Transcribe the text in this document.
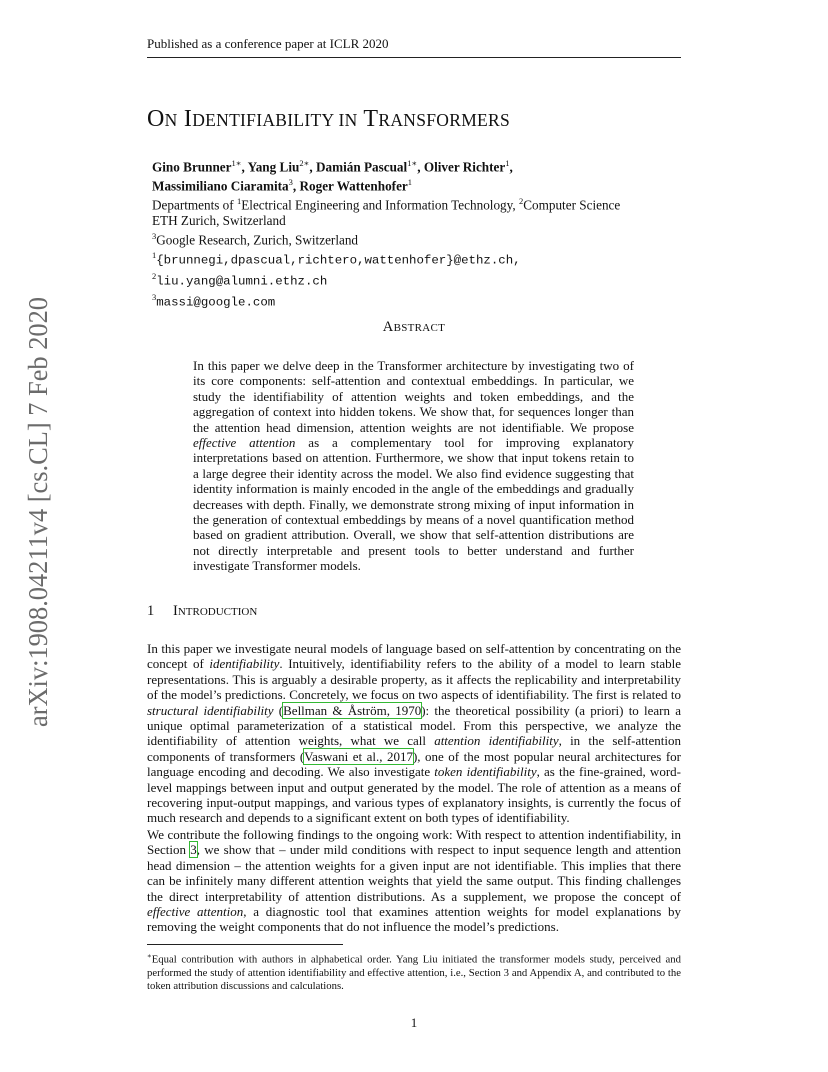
Published as a conference paper at ICLR 2020
arXiv:1908.04211v4 [cs.CL] 7 Feb 2020
ON IDENTIFIABILITY IN TRANSFORMERS
Gino Brunner$^{1∗}$, Yang Liu$^{2∗}$, Damián Pascual$^{1∗}$, Oliver Richter$^1$,
Massimiliano Ciaramita$^3$, Roger Wattenhofer$^1$
Departments of $^1$Electrical Engineering and Information Technology, $^2$Computer Science
ETH Zurich, Switzerland
$^3$Google Research, Zurich, Switzerland
$^1${brunnegi,dpascual,richtero,wattenhofer}@ethz.ch,
$^2$liu.yang@alumni.ethz.ch
$^3$massi@google.com
ABSTRACT
In this paper we delve deep in the Transformer architecture by investigating two of its core components: self-attention and contextual embeddings. In particular, we study the identifiability of attention weights and token embeddings, and the aggregation of context into hidden tokens. We show that, for sequences longer than the attention head dimension, attention weights are not identifiable. We propose effective attention as a complementary tool for improving explanatory interpretations based on attention. Furthermore, we show that input tokens retain to a large degree their identity across the model. We also find evidence suggesting that identity information is mainly encoded in the angle of the embeddings and gradually decreases with depth. Finally, we demonstrate strong mixing of input information in the generation of contextual embeddings by means of a novel quantification method based on gradient attribution. Overall, we show that self-attention distributions are not directly interpretable and present tools to better understand and further investigate Transformer models.
1 INTRODUCTION

In this paper we investigate neural models of language based on self-attention by concentrating on the concept of identifiability. Intuitively, identifiability refers to the ability of a model to learn stable representations. This is arguably a desirable property, as it affects the replicability and interpretability of the model’s predictions. Concretely, we focus on two aspects of identifiability. The first is related to structural identifiability (Bellman & Åström, 1970): the theoretical possibility (a priori) to learn a unique optimal parameterization of a statistical model. From this perspective, we analyze the identifiability of attention weights, what we call attention identifiability, in the self-attention components of transformers (Vaswani et al., 2017), one of the most popular neural architectures for language encoding and decoding. We also investigate token identifiability, as the fine-grained, word-level mappings between input and output generated by the model. The role of attention as a means of recovering input-output mappings, and various types of explanatory insights, is currently the focus of much research and depends to a significant extent on both types of identifiability.

We contribute the following findings to the ongoing work: With respect to attention indentifiability, in Section 3, we show that – under mild conditions with respect to input sequence length and attention head dimension – the attention weights for a given input are not identifiable. This implies that there can be infinitely many different attention weights that yield the same output. This finding challenges the direct interpretability of attention distributions. As a supplement, we propose the concept of effective attention, a diagnostic tool that examines attention weights for model explanations by removing the weight components that do not influence the model’s predictions.

∗Equal contribution with authors in alphabetical order. Yang Liu initiated the transformer models study, perceived and performed the study of attention identifiability and effective attention, i.e., Section 3 and Appendix A, and contributed to the token attribution discussions and calculations.
1
